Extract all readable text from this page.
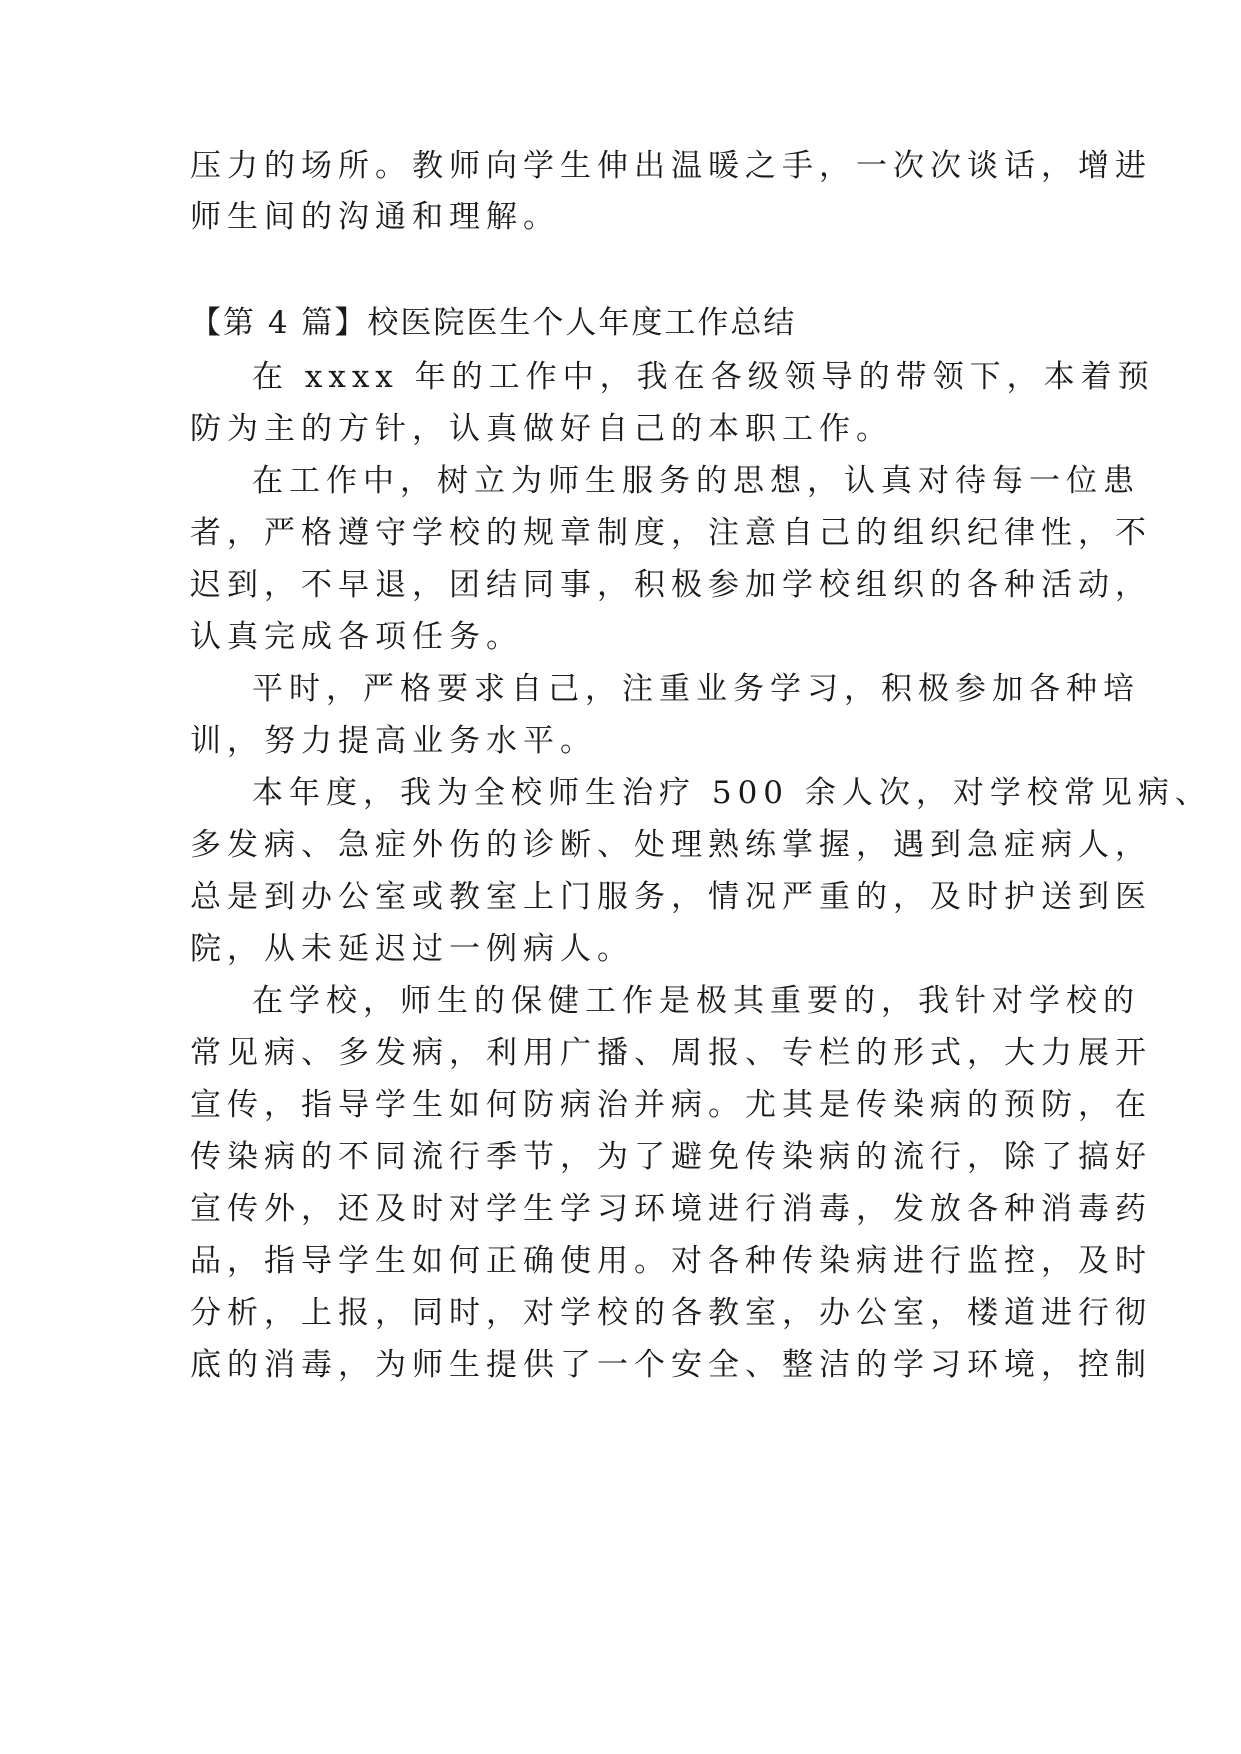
压力的场所。教师向学生伸出温暖之手，一次次谈话，增进
师生间的沟通和理解。
【第 4 篇】校医院医生个人年度工作总结
在 xxxx 年的工作中，我在各级领导的带领下，本着预
防为主的方针，认真做好自己的本职工作。
在工作中，树立为师生服务的思想，认真对待每一位患
者，严格遵守学校的规章制度，注意自己的组织纪律性，不
迟到，不早退，团结同事，积极参加学校组织的各种活动，
认真完成各项任务。
平时，严格要求自己，注重业务学习，积极参加各种培
训，努力提高业务水平。
本年度，我为全校师生治疗 500 余人次，对学校常见病、
多发病、急症外伤的诊断、处理熟练掌握，遇到急症病人，
总是到办公室或教室上门服务，情况严重的，及时护送到医
院，从未延迟过一例病人。
在学校，师生的保健工作是极其重要的，我针对学校的
常见病、多发病，利用广播、周报、专栏的形式，大力展开
宣传，指导学生如何防病治并病。尤其是传染病的预防，在
传染病的不同流行季节，为了避免传染病的流行，除了搞好
宣传外，还及时对学生学习环境进行消毒，发放各种消毒药
品，指导学生如何正确使用。对各种传染病进行监控，及时
分析，上报，同时，对学校的各教室，办公室，楼道进行彻
底的消毒，为师生提供了一个安全、整洁的学习环境，控制
